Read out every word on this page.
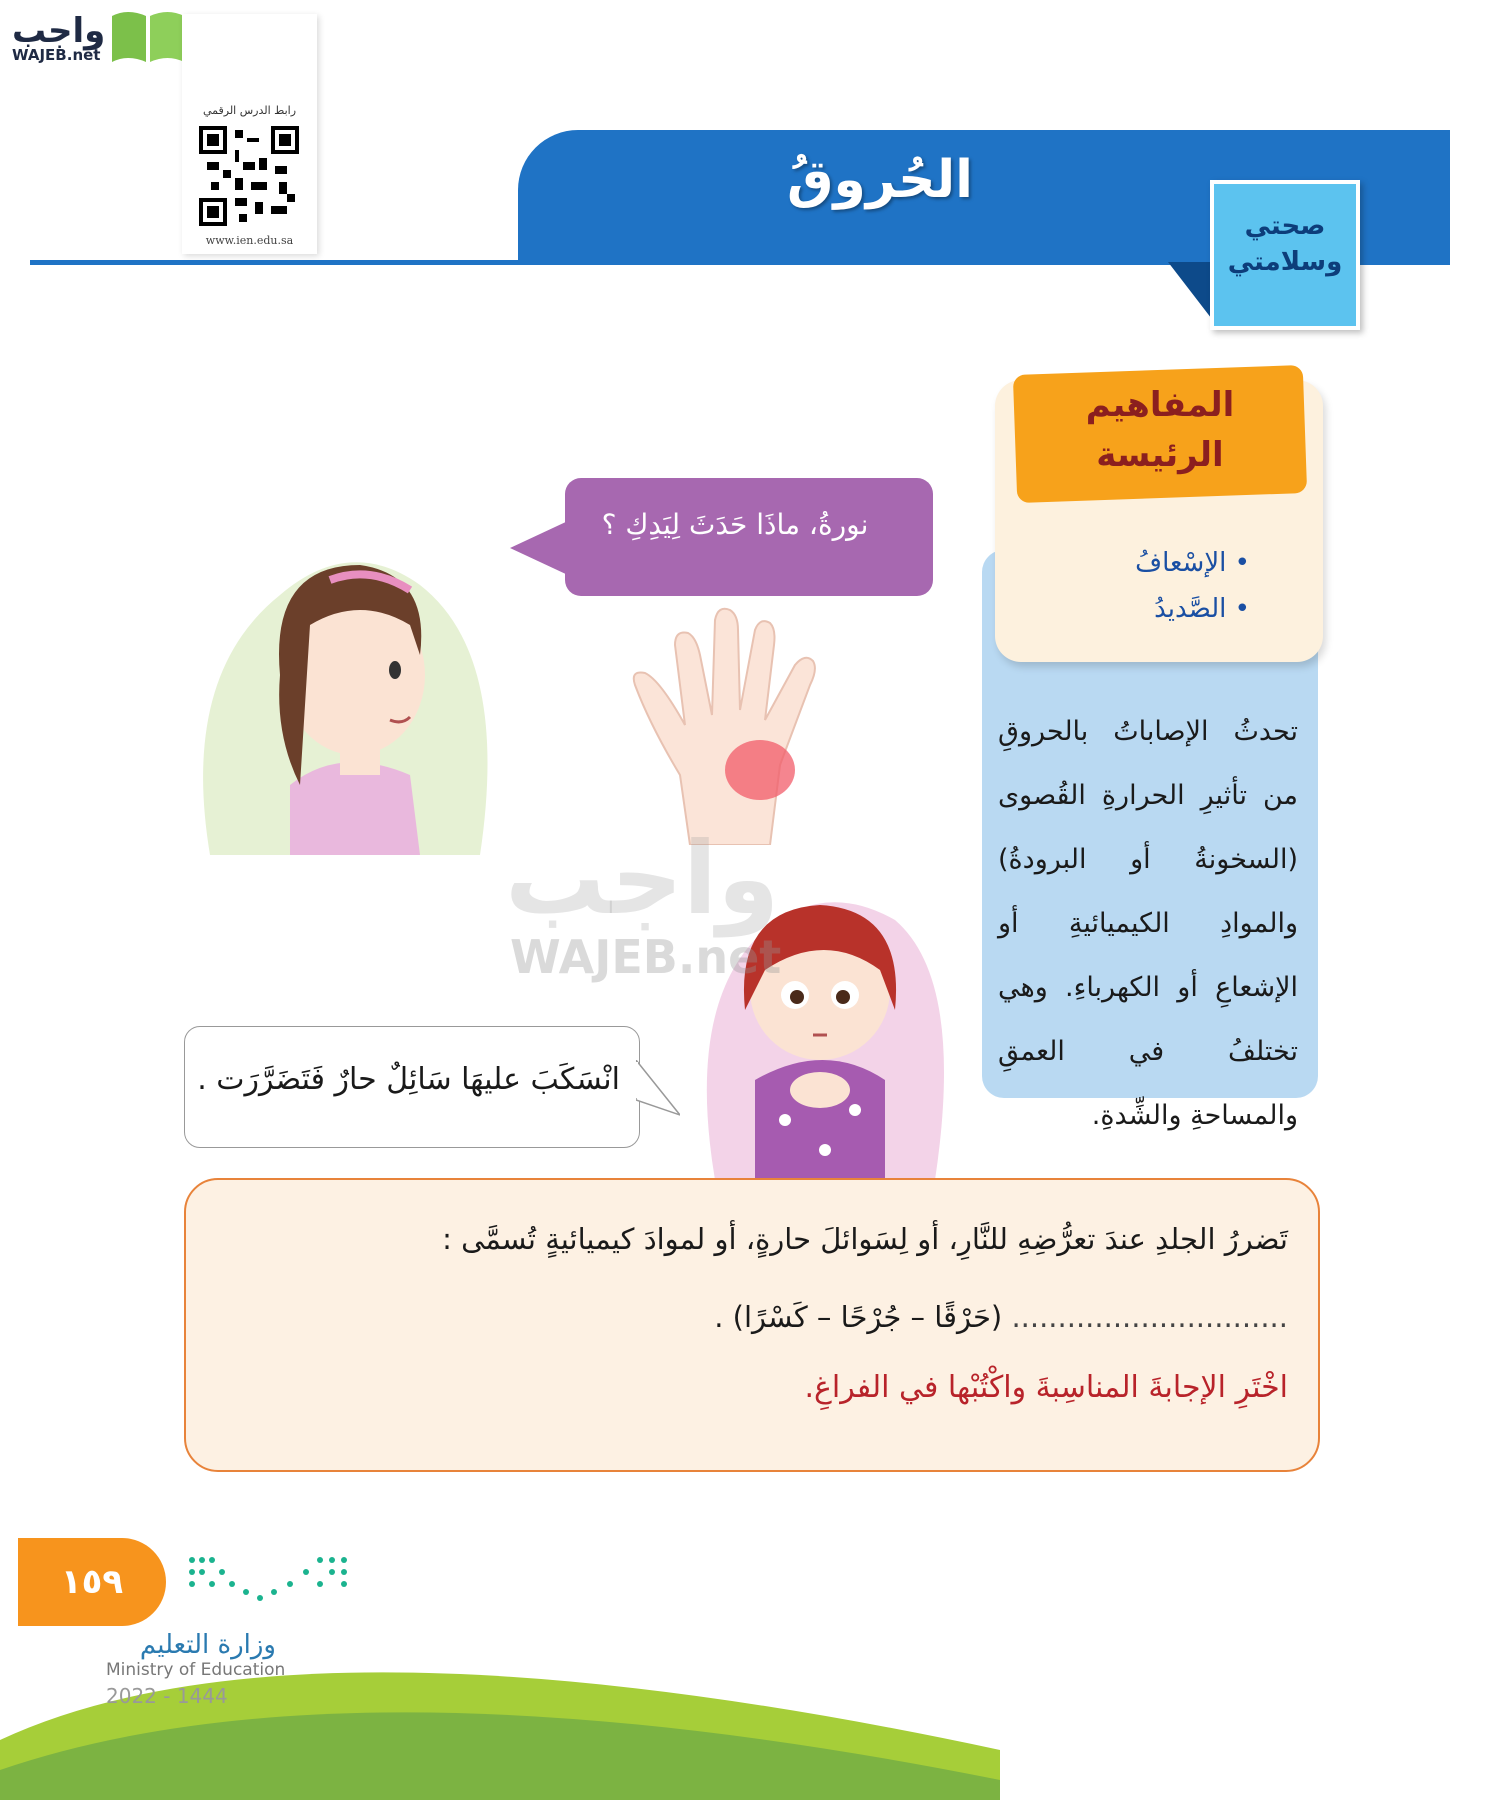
واجب
WAJEB.net
رابط الدرس الرقمي
www.ien.edu.sa
الحُروقُ
صحتي وسلامتي
تحدثُ الإصاباتُ بالحروقِ من تأثيرِ الحرارةِ القُصوى (السخونةُ أو البرودةُ) والموادِ الكيميائيةِ أو الإشعاعِ أو الكهرباءِ. وهي تختلفُ في العمقِ والمساحةِ والشِّدةِ.
المفاهيم الرئيسة
• الإسْعافُ
• الصَّديدُ
واجب
WAJEB.net
نورةُ، ماذَا حَدَثَ لِيَدِكِ ؟
انْسَكَبَ عليهَا سَائِلٌ حارٌ فَتَضَرَّرَت .
تَضررُ الجلدِ عندَ تعرُّضِهِ للنَّارِ، أو لِسَوائلَ حارةٍ، أو لموادَ كيميائيةٍ تُسمَّى :
.............................. (حَرْقًا – جُرْحًا – كَسْرًا) .
اخْتَرِ الإجابةَ المناسِبةَ واكْتُبْها في الفراغِ.
١٥٩
وزارة التعليم
Ministry of Education
2022 - 1444
